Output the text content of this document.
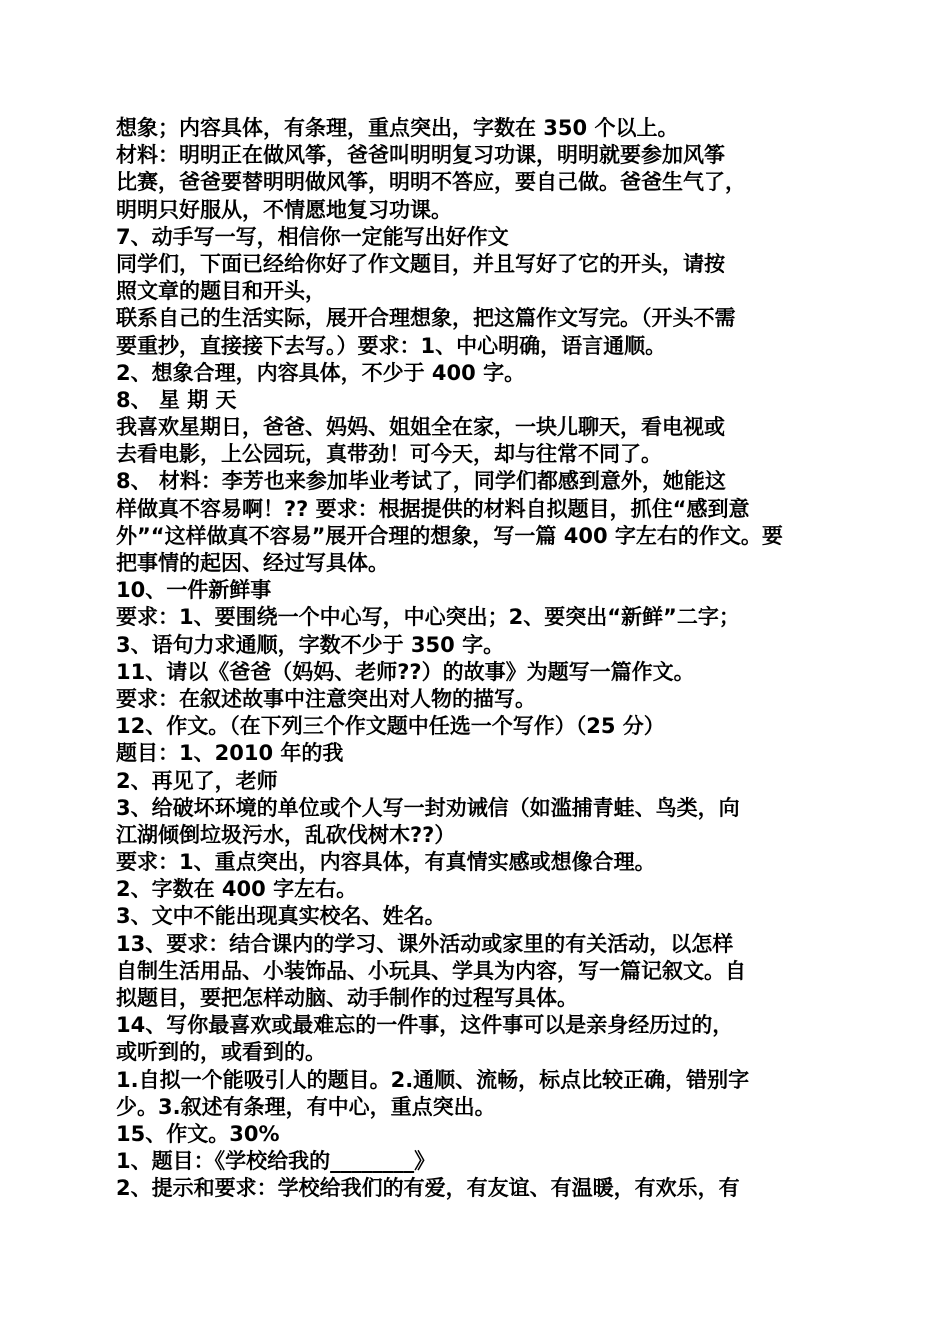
想象；内容具体，有条理，重点突出，字数在 350 个以上。
材料：明明正在做风筝，爸爸叫明明复习功课，明明就要参加风筝
比赛，爸爸要替明明做风筝，明明不答应，要自己做。爸爸生气了，
明明只好服从，不情愿地复习功课。
7、动手写一写，相信你一定能写出好作文
同学们，下面已经给你好了作文题目，并且写好了它的开头，请按
照文章的题目和开头，
联系自己的生活实际，展开合理想象，把这篇作文写完。（开头不需
要重抄，直接接下去写。）要求：1、中心明确，语言通顺。
2、想象合理，内容具体，不少于 400 字。
8、 星 期 天
我喜欢星期日，爸爸、妈妈、姐姐全在家，一块儿聊天，看电视或
去看电影，上公园玩，真带劲！可今天，却与往常不同了。
8、 材料：李芳也来参加毕业考试了，同学们都感到意外，她能这
样做真不容易啊！?? 要求：根据提供的材料自拟题目，抓住“感到意
外”“这样做真不容易”展开合理的想象，写一篇 400 字左右的作文。要
把事情的起因、经过写具体。
10、一件新鲜事
要求：1、要围绕一个中心写，中心突出；2、要突出“新鲜”二字；
3、语句力求通顺，字数不少于 350 字。
11、请以《爸爸（妈妈、老师??）的故事》为题写一篇作文。
要求：在叙述故事中注意突出对人物的描写。
12、作文。（在下列三个作文题中任选一个写作）（25 分）
题目：1、2010 年的我
2、再见了，老师
3、给破坏环境的单位或个人写一封劝诫信（如滥捕青蛙、鸟类，向
江湖倾倒垃圾污水，乱砍伐树木??）
要求：1、重点突出，内容具体，有真情实感或想像合理。
2、字数在 400 字左右。
3、文中不能出现真实校名、姓名。
13、要求：结合课内的学习、课外活动或家里的有关活动，以怎样
自制生活用品、小装饰品、小玩具、学具为内容，写一篇记叙文。自
拟题目，要把怎样动脑、动手制作的过程写具体。
14、写你最喜欢或最难忘的一件事，这件事可以是亲身经历过的，
或听到的，或看到的。
1.自拟一个能吸引人的题目。2.通顺、流畅，标点比较正确，错别字
少。3.叙述有条理，有中心，重点突出。
15、作文。30%
1、题目：《学校给我的________》
2、提示和要求：学校给我们的有爱，有友谊、有温暖，有欢乐，有
